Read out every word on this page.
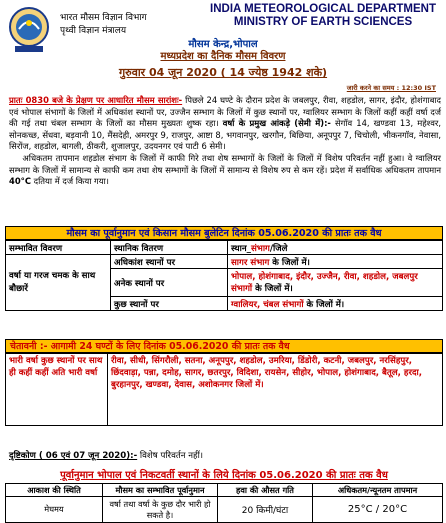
भारत मौसम विज्ञान विभाग
पृथ्वी विज्ञान मंत्रालय
INDIA METEOROLOGICAL DEPARTMENT
MINISTRY OF EARTH SCIENCES
मौसम केन्द्र,भोपाल
मध्यप्रदेश का दैनिक मौसम विवरण
गुरुवार 04 जून 2020 ( 14 ज्येष्ठ 1942 शके)
जारी करने का समय : 12:30 IST
प्रातः 0830 बजे के प्रेक्षण पर आधारित मौसम सारांशः- पिछले 24 घण्टे के दौरान प्रदेश के जबलपुर, रीवा, शहडोल, सागर, इंदौर, होशंगाबाद एवं भोपाल संभागों के जिलों में अधिकांश स्थानों पर, उज्जैन सम्भाग के जिलों में कुछ स्थानों पर, ग्वालियर सम्भाग के जिलों कहीं कहीं वर्षा दर्ज की गई तथा चंबल सम्भाग के जिलों का मौसम मुख्यतः शुष्क रहा। वर्षा के प्रमुख आंकड़े (सेमी में):- सेगॉव 14, खण्डवा 13, महेश्वर, सोनकच्छ, सेंधवा, बड़वानी 10, मैंसदेही, अमरपुर 9, राजपुर, आष्टा 8, भगवानपुर, खरगौन, बिछिया, अनूपपुर 7, चिचोली, भीकनगॉव, नेवासा, सिरोंज, शहडोल, बागली, ठीकरी, शुजालपुर, उदयनगर एवं पाटी 6 सेमी।
अधिकतम तापमान शहडोल संभाग के जिलों में काफी गिरे तथा शेष सम्भागों के जिलों के जिलों में विशेष परिवर्तन नहीं हुआ। वे ग्वालियर सम्भाग के जिलों में सामान्य से काफी कम तथा शेष सम्भागों के जिलों में सामान्य से विशेष रुप से कम रहें। प्रदेश में सर्वाधिक अधिकतम तापमान 40°C दतिया में दर्ज किया गया।
मौसम का पूर्वानुमान एवं किसान मौसम बुलेटिन दिनांक 05.06.2020 की प्रातः तक वैध
सम्भावित विवरण	स्थानिक वितरण	स्थान_संभाग/जिले
वर्षा या गरज चमक के साथ बौछारें	अधिकांश स्थानों पर	सागर संभाग के जिलों में।
	अनेक स्थानों पर	भोपाल, होशंगाबाद, इंदौर, उज्जैन, रीवा, शहडोल, जबलपुर संभागों के जिलों में।
	कुछ स्थानों पर	ग्वालियर, चंबल संभागों के जिलों में।
चेतावनी :- आगामी 24 घण्टों के लिए दिनांक 05.06.2020 की प्रातः तक वैध
भारी वर्षा कुछ स्थानों पर साथ ही कहीं कहीं अति भारी वर्षा	रीवा, सीधी, सिंगरौली, सतना, अनूपपुर, शहडोल, उमरिया, डिंडोरी, कटनी, जबलपुर, नरसिंहपुर, छिंदवाड़ा, पन्ना, दमोह, सागर, छतरपुर, विदिशा, रायसेन, सीहोर, भोपाल, होशंगाबाद, बैतूल, हरदा, बुरहानपुर, खण्डवा, देवास, अशोकनगर जिलों में।
दृष्टिकोण ( 06 एवं 07 जून 2020):- विशेष परिवर्तन नहीं।
पूर्वानुमान भोपाल एवं निकटवर्ती स्थानों के लिये दिनांक 05.06.2020 की प्रातः तक वैध
आकाश की स्थिति	मौसम का सम्भावित पूर्वानुमान	हवा की औसत गति	अधिकतम/न्यूनतम तापमान
मेघमय	वर्षा तथा वर्षा के कुछ दौर भारी हो सकते है।	20 किमी/घंटा	25°C / 20°C
